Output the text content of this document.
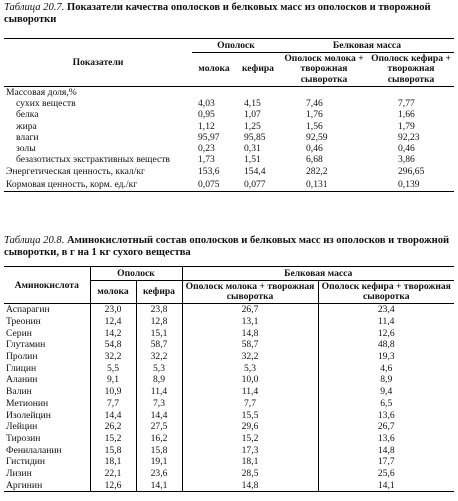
Таблица 20.7. Показатели качества ополосков и белковых масс из ополосков и творожной сыворотки
Показатели	Ополоск		Белковая масса	
	молока	кефира	Ополоск молока + творожная сыворотка	Ополоск кефира + творожная сыворотка
Массовая доля,%				
сухих веществ	4,03	4,15	7,46	7,77
белка	0,95	1,07	1,76	1,66
жира	1,12	1,25	1,56	1,79
влаги	95,97	95,85	92,59	92,23
золы	0,23	0,31	0,46	0,46
безазотистых экстрактивных веществ	1,73	1,51	6,68	3,86
Энергетическая ценность, ккал/кг	153,6	154,4	282,2	296,65
Кормовая ценность, корм. ед./кг	0,075	0,077	0,131	0,139
Таблица 20.8. Аминокислотный состав ополосков и белковых масс из ополосков и творожной сыворотки, в г на 1 кг сухого вещества
Аминокислота	Ополоск		Белковая масса	
	молока	кефира	Ополоск молока + творожная сыворотка	Ополоск кефира + творожная сыворотка
Аспарагин	23,0	23,8	26,7	23,4
Треонин	12,4	12,8	13,1	11,4
Серин	14,2	15,1	14,8	12,6
Глутамин	54,8	58,7	58,7	48,8
Пролин	32,2	32,2	32,2	19,3
Глицин	5,5	5,3	5,3	4,6
Аланин	9,1	8,9	10,0	8,9
Валин	10,9	11,4	11,4	9,4
Метионин	7,7	7,3	7,7	6,5
Изолейцин	14,4	14,4	15,5	13,6
Лейцин	26,2	27,5	29,6	26,7
Тирозин	15,2	16,2	15,2	13,6
Фенилаланин	15,8	15,8	17,3	14,8
Гистидин	18,1	19,1	18,1	17,7
Лизин	22,1	23,6	28,5	25,6
Аргинин	12,6	14,1	14,8	14,1
